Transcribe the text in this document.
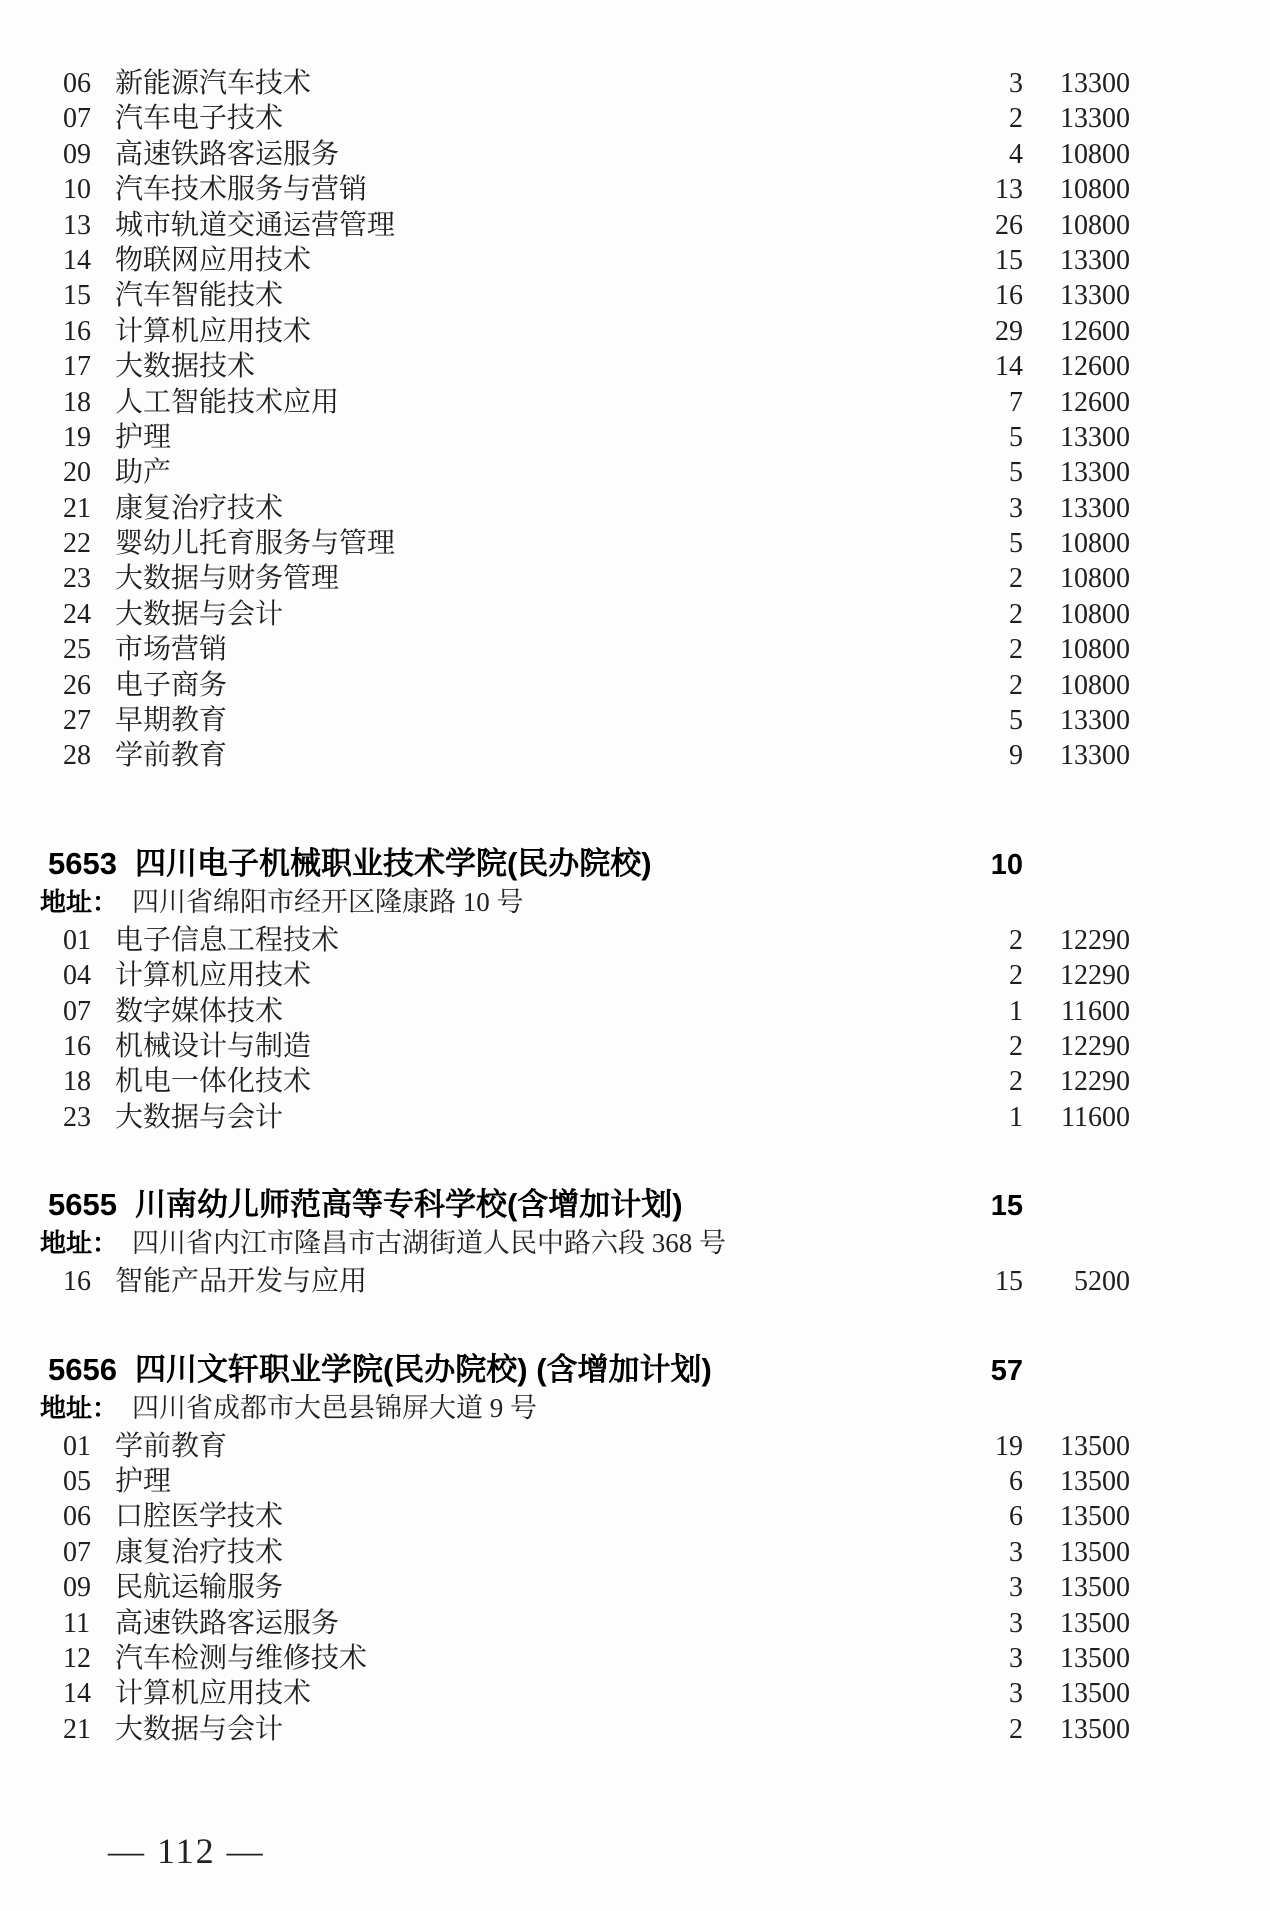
06 新能源汽车技术	3	13300
07 汽车电子技术	2	13300
09 高速铁路客运服务	4	10800
10 汽车技术服务与营销	13	10800
13 城市轨道交通运营管理	26	10800
14 物联网应用技术	15	13300
15 汽车智能技术	16	13300
16 计算机应用技术	29	12600
17 大数据技术	14	12600
18 人工智能技术应用	7	12600
19 护理	5	13300
20 助产	5	13300
21 康复治疗技术	3	13300
22 婴幼儿托育服务与管理	5	10800
23 大数据与财务管理	2	10800
24 大数据与会计	2	10800
25 市场营销	2	10800
26 电子商务	2	10800
27 早期教育	5	13300
28 学前教育	9	13300
5653 四川电子机械职业技术学院(民办院校)	10
地址： 四川省绵阳市经开区隆康路 10 号
01 电子信息工程技术	2	12290
04 计算机应用技术	2	12290
07 数字媒体技术	1	11600
16 机械设计与制造	2	12290
18 机电一体化技术	2	12290
23 大数据与会计	1	11600
5655 川南幼儿师范高等专科学校(含增加计划)	15
地址： 四川省内江市隆昌市古湖街道人民中路六段 368 号
16 智能产品开发与应用	15	5200
5656 四川文轩职业学院(民办院校) (含增加计划)	57
地址： 四川省成都市大邑县锦屏大道 9 号
01 学前教育	19	13500
05 护理	6	13500
06 口腔医学技术	6	13500
07 康复治疗技术	3	13500
09 民航运输服务	3	13500
11 高速铁路客运服务	3	13500
12 汽车检测与维修技术	3	13500
14 计算机应用技术	3	13500
21 大数据与会计	2	13500
— 112 —
